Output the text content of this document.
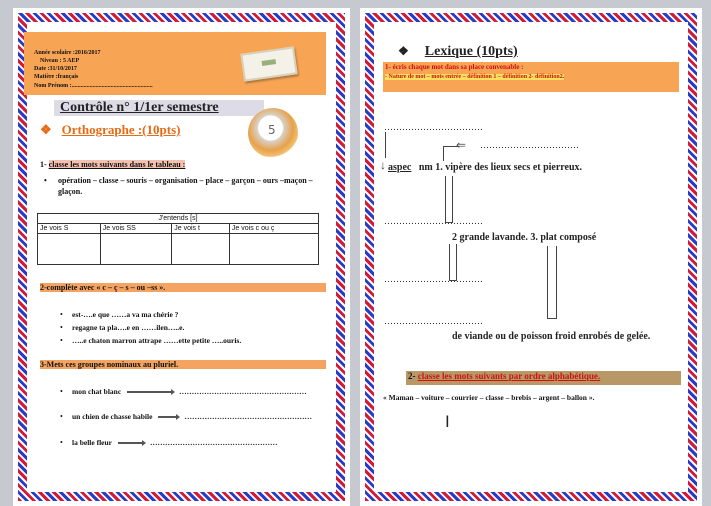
Année scolaire :2016/2017
Niveau : 5 AEP
Date :31/10/2017
Matière :français
Nom Prénom :......................................................
Contrôle n° 1/1er semestre
5
❖ Orthographe :(10pts)
1- classe les mots suivants dans le tableau :
• opération – classe – souris – organisation – place – garçon – ours –maçon – glaçon.
J'entends [s]			
Je vois S	Je vois SS	Je vois t	Je vois c ou ç

2-complète avec « c – ç – s – ou –ss ».
• est-….e que ……a va ma chérie ?
• regagne ta pla….e en ……ilen…..e.
• …..e chaton marron attrape ……ette petite …..ouris.
3-Mets ces groupes nominaux au pluriel.
• mon chat blanc	……………………………………………
• un chien de chasse habile	……………………………………………
• la belle fleur	……………………………………………
❖ Lexique (10pts)
1- écris chaque mot dans sa place convenable :
- Nature de mot – mots entrée – définition 1 – définition 2- définition2.
……………………………
↓
……………………………
⇐
aspec nm 1. vipère des lieux secs et pierreux.
……………………………
2 grande lavande. 3. plat composé
……………………………
……………………………
de viande ou de poisson froid enrobés de gelée.
2- classe les mots suivants par ordre alphabétique.
« Maman – voiture – courrier – classe – brebis – argent – ballon ».
I
